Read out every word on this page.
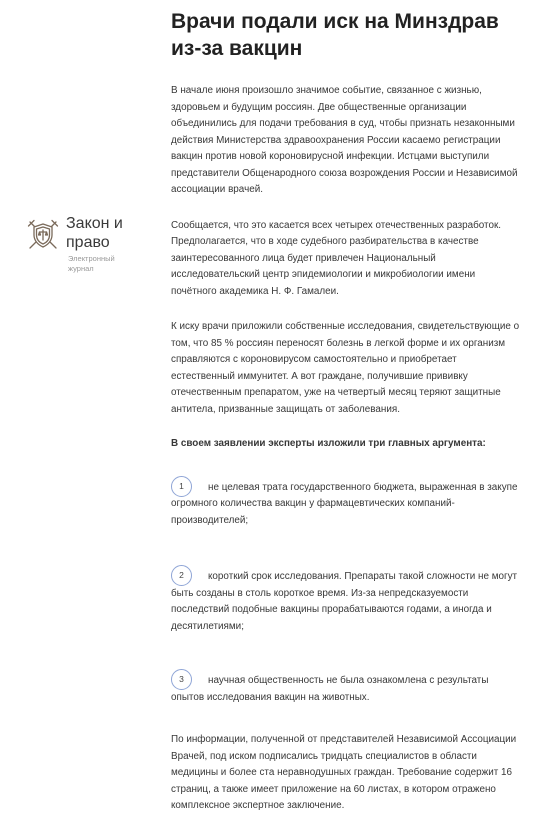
Закон и
право
Электронный журнал
Врачи подали иск на Минздрав из-за вакцин

В начале июня произошло значимое событие, связанное с жизнью, здоровьем и будущим россиян. Две общественные организации объединились для подачи требования в суд, чтобы признать незаконными действия Министерства здравоохранения России касаемо регистрации вакцин против новой короновирусной инфекции. Истцами выступили представители Общенародного союза возрождения России и Независимой ассоциации врачей.

Сообщается, что это касается всех четырех отечественных разработок. Предполагается, что в ходе судебного разбирательства в качестве заинтересованного лица будет привлечен Национальный исследовательский центр эпидемиологии и микробиологии имени почётного академика Н. Ф. Гамалеи.

К иску врачи приложили собственные исследования, свидетельствующие о том, что 85 % россиян переносят болезнь в легкой форме и их организм справляются с короновирусом самостоятельно и приобретает естественный иммунитет. А вот граждане, получившие прививку отечественным препаратом, уже на четвертый месяц теряют защитные антитела, призванные защищать от заболевания.

В своем заявлении эксперты изложили три главных аргумента:

1	не целевая трата государственного бюджета, выраженная в закупе огромного количества вакцин у фармацевтических компаний-производителей;

2	короткий срок исследования. Препараты такой сложности не могут быть созданы в столь короткое время. Из-за непредсказуемости последствий подобные вакцины прорабатываются годами, а иногда и десятилетиями;

3	научная общественность не была ознакомлена с результаты опытов исследования вакцин на животных.

По информации, полученной от представителей Независимой Ассоциации Врачей, под иском подписались тридцать специалистов в области медицины и более ста неравнодушных граждан. Требование содержит 16 страниц, а также имеет приложение на 60 листах, в котором отражено комплексное экспертное заключение.
